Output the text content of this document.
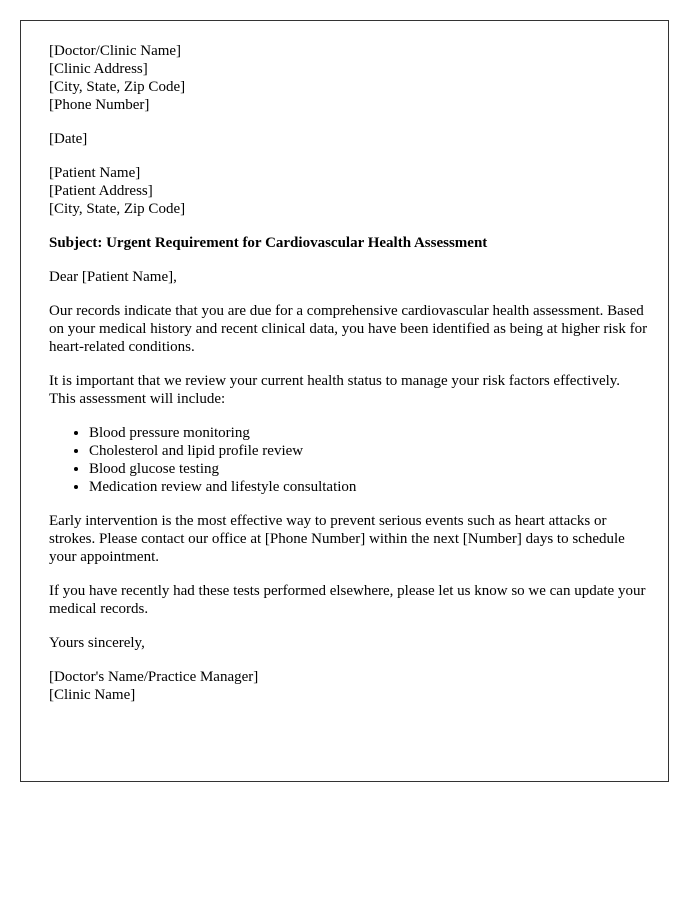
[Doctor/Clinic Name]
[Clinic Address]
[City, State, Zip Code]
[Phone Number]

[Date]

[Patient Name]
[Patient Address]
[City, State, Zip Code]

Subject: Urgent Requirement for Cardiovascular Health Assessment

Dear [Patient Name],

Our records indicate that you are due for a comprehensive cardiovascular health assessment. Based on your medical history and recent clinical data, you have been identified as being at higher risk for heart-related conditions.

It is important that we review your current health status to manage your risk factors effectively. This assessment will include:

• Blood pressure monitoring
• Cholesterol and lipid profile review
• Blood glucose testing
• Medication review and lifestyle consultation

Early intervention is the most effective way to prevent serious events such as heart attacks or strokes. Please contact our office at [Phone Number] within the next [Number] days to schedule your appointment.

If you have recently had these tests performed elsewhere, please let us know so we can update your medical records.

Yours sincerely,

[Doctor's Name/Practice Manager]
[Clinic Name]
